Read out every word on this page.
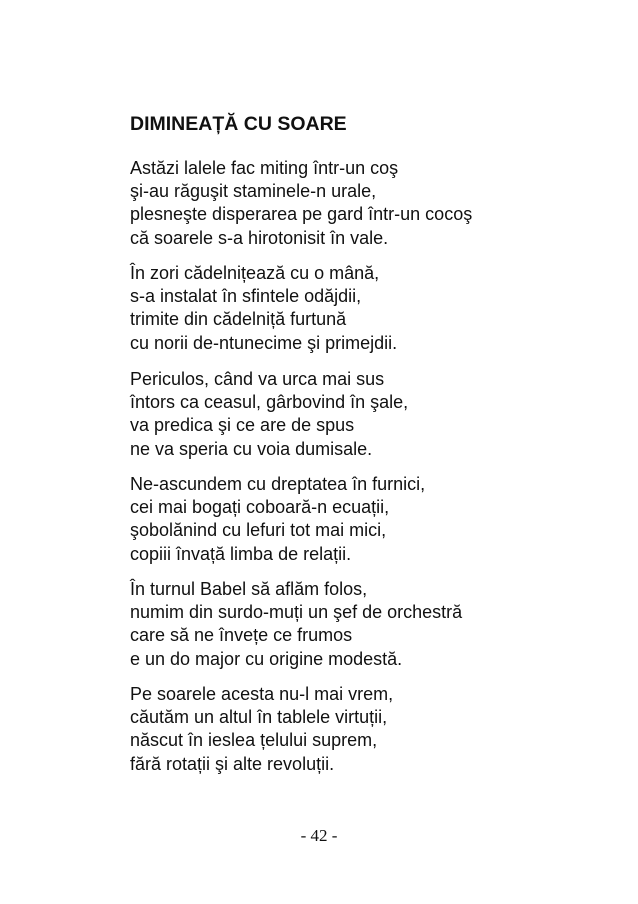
DIMINEAȚĂ CU SOARE
Astăzi lalele fac miting într-un coş
şi-au răguşit staminele-n urale,
plesneşte disperarea pe gard într-un cocoş
că soarele s-a hirotonisit în vale.
În zori cădelnițează cu o mână,
s-a instalat în sfintele odăjdii,
trimite din cădelniță furtună
cu norii de-ntunecime şi primejdii.
Periculos, când va urca mai sus
întors ca ceasul, gârbovind în şale,
va predica şi ce are de spus
ne va speria cu voia dumisale.
Ne-ascundem cu dreptatea în furnici,
cei mai bogați coboară-n ecuații,
şobolănind cu lefuri tot mai mici,
copiii învață limba de relații.
În turnul Babel să aflăm folos,
numim din surdo-muți un şef de orchestră
care să ne învețe ce frumos
e un do major cu origine modestă.
Pe soarele acesta nu-l mai vrem,
căutăm un altul în tablele virtuții,
născut în ieslea țelului suprem,
fără rotații şi alte revoluții.
- 42 -
